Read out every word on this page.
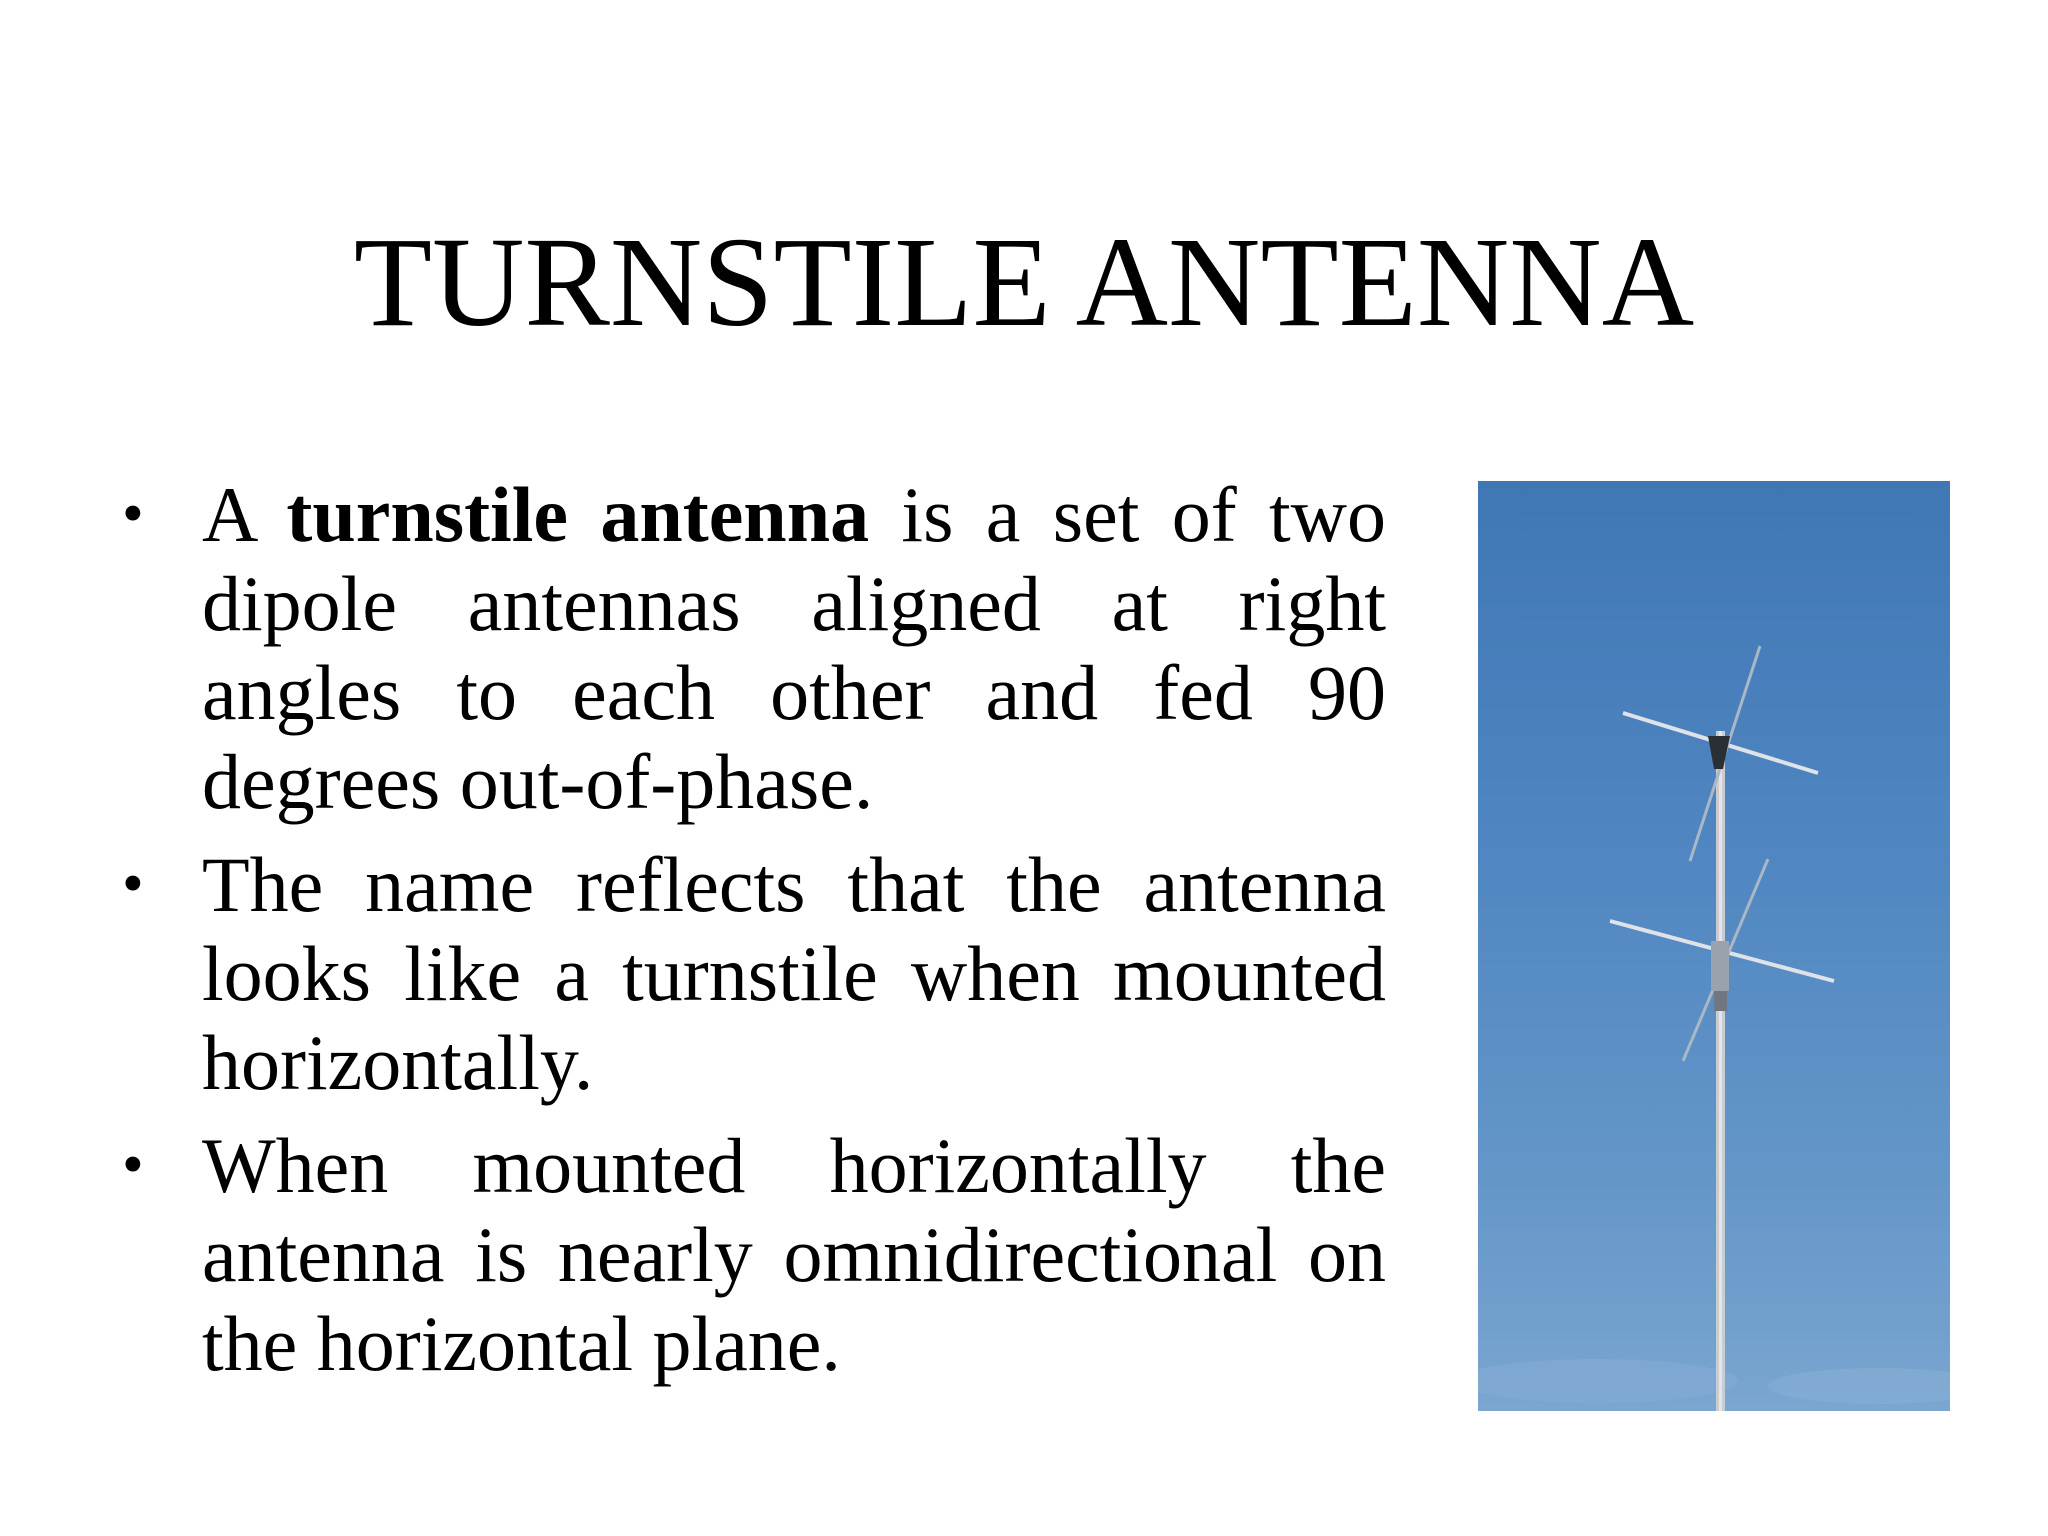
TURNSTILE ANTENNA
• A turnstile antenna is a set of two dipole antennas aligned at right angles to each other and fed 90 degrees out-of-phase.
• The name reflects that the antenna looks like a turnstile when mounted horizontally.
• When mounted horizontally the antenna is nearly omnidirectional on the horizontal plane.
